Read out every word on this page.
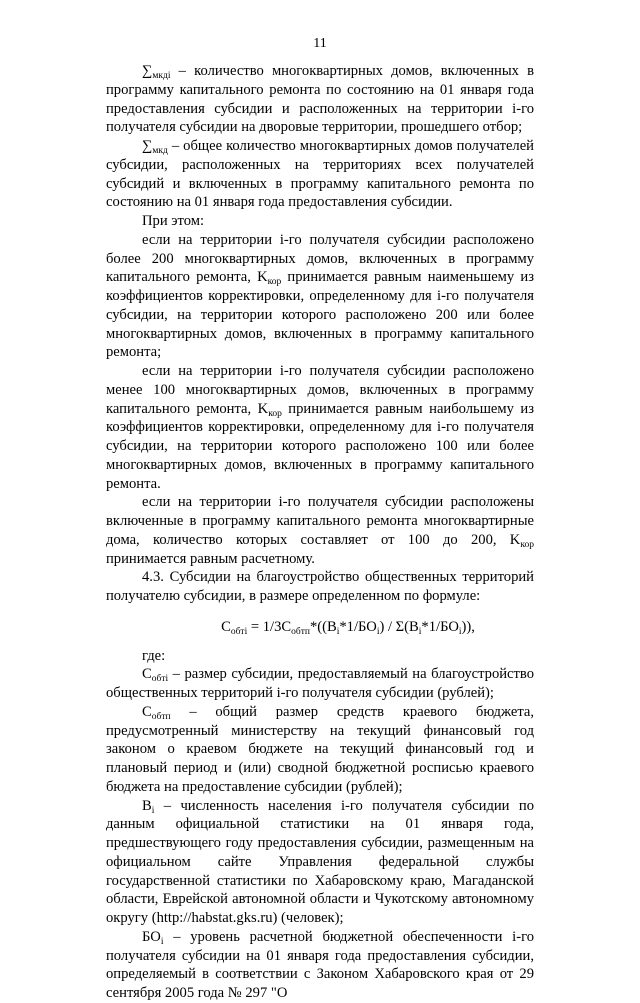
11

$\sum_{мкді}$ – количество многоквартирных домов, включенных в программу капитального ремонта по состоянию на 01 января года предоставления субсидии и расположенных на территории i-го получателя субсидии на дворовые территории, прошедшего отбор;

$\sum_{мкд}$ – общее количество многоквартирных домов получателей субсидии, расположенных на территориях всех получателей субсидий и включенных в программу капитального ремонта по состоянию на 01 января года предоставления субсидии.

При этом:

если на территории i-го получателя субсидии расположено более 200 многоквартирных домов, включенных в программу капитального ремонта, $K_{кор}$ принимается равным наименьшему из коэффициентов корректировки, определенному для i-го получателя субсидии, на территории которого расположено 200 или более многоквартирных домов, включенных в программу капитального ремонта;

если на территории i-го получателя субсидии расположено менее 100 многоквартирных домов, включенных в программу капитального ремонта, $K_{кор}$ принимается равным наибольшему из коэффициентов корректировки, определенному для i-го получателя субсидии, на территории которого расположено 100 или более многоквартирных домов, включенных в программу капитального ремонта.

если на территории i-го получателя субсидии расположены включенные в программу капитального ремонта многоквартирные дома, количество которых составляет от 100 до 200, $K_{кор}$ принимается равным расчетному.

4.3. Субсидии на благоустройство общественных территорий получателю субсидии, в размере определенном по формуле:

$C_{обтi} = 1/3C_{обтп}*((B_i*1/БО_i) / \Sigma(B_i*1/БО_i))$,

где:

$C_{обтi}$ – размер субсидии, предоставляемый на благоустройство общественных территорий i-го получателя субсидии (рублей);

$C_{обтп}$ – общий размер средств краевого бюджета, предусмотренный министерству на текущий финансовый год законом о краевом бюджете на текущий финансовый год и плановый период и (или) сводной бюджетной росписью краевого бюджета на предоставление субсидии (рублей);

$B_i$ – численность населения i-го получателя субсидии по данным официальной статистики на 01 января года, предшествующего году предоставления субсидии, размещенным на официальном сайте Управления федеральной службы государственной статистики по Хабаровскому краю, Магаданской области, Еврейской автономной области и Чукотскому автономному округу (http://habstat.gks.ru) (человек);

$БО_i$ – уровень расчетной бюджетной обеспеченности i-го получателя субсидии на 01 января года предоставления субсидии, определяемый в соответствии с Законом Хабаровского края от 29 сентября 2005 года № 297 "О
